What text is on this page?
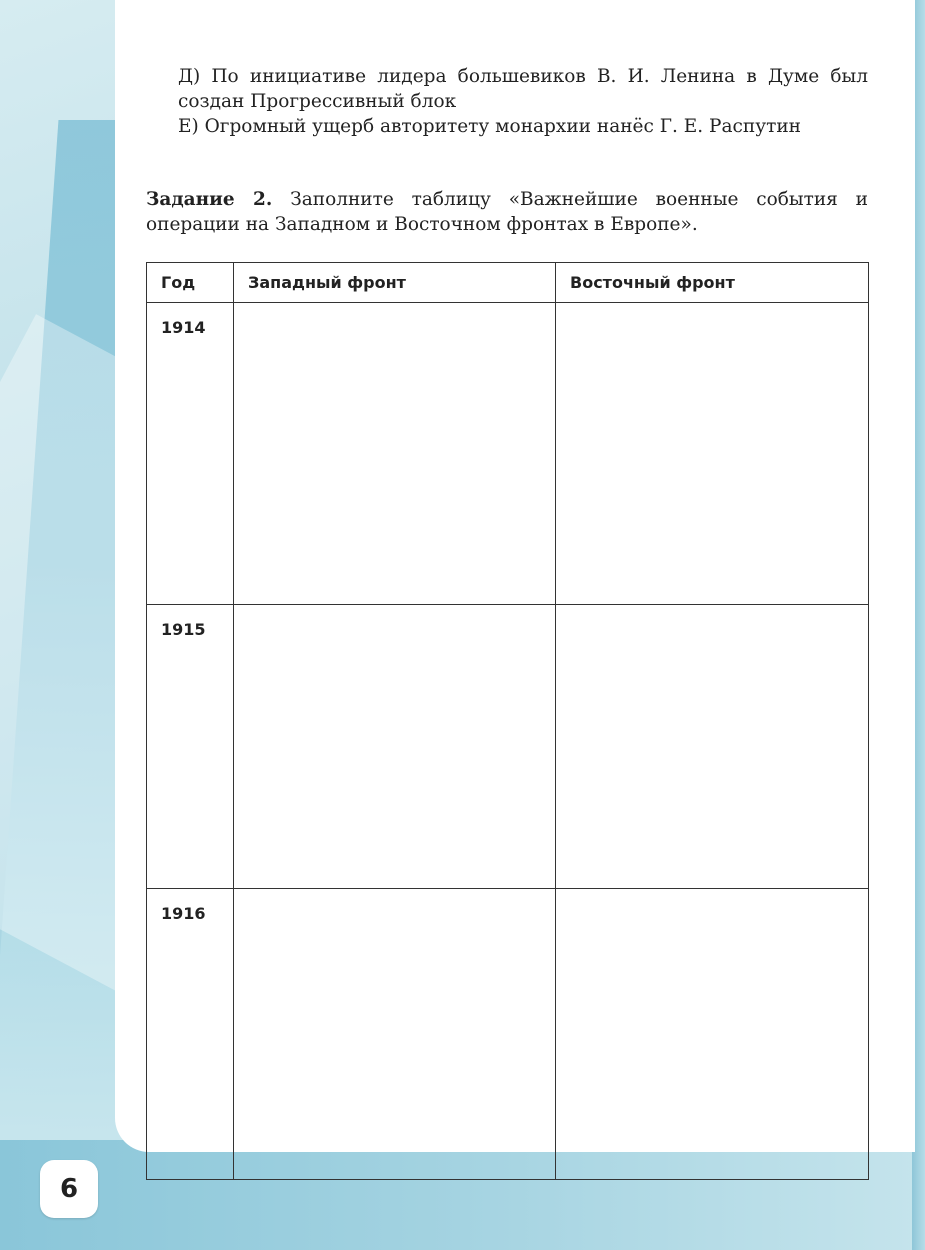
Д) По инициативе лидера большевиков В. И. Ленина в Думе был создан Прогрессивный блок

Е) Огромный ущерб авторитету монархии нанёс Г. Е. Распутин

Задание 2. Заполните таблицу «Важнейшие военные события и операции на Западном и Восточном фронтах в Европе».
Год	Западный фронт	Восточный фронт
1914		
1915		
1916		
6
